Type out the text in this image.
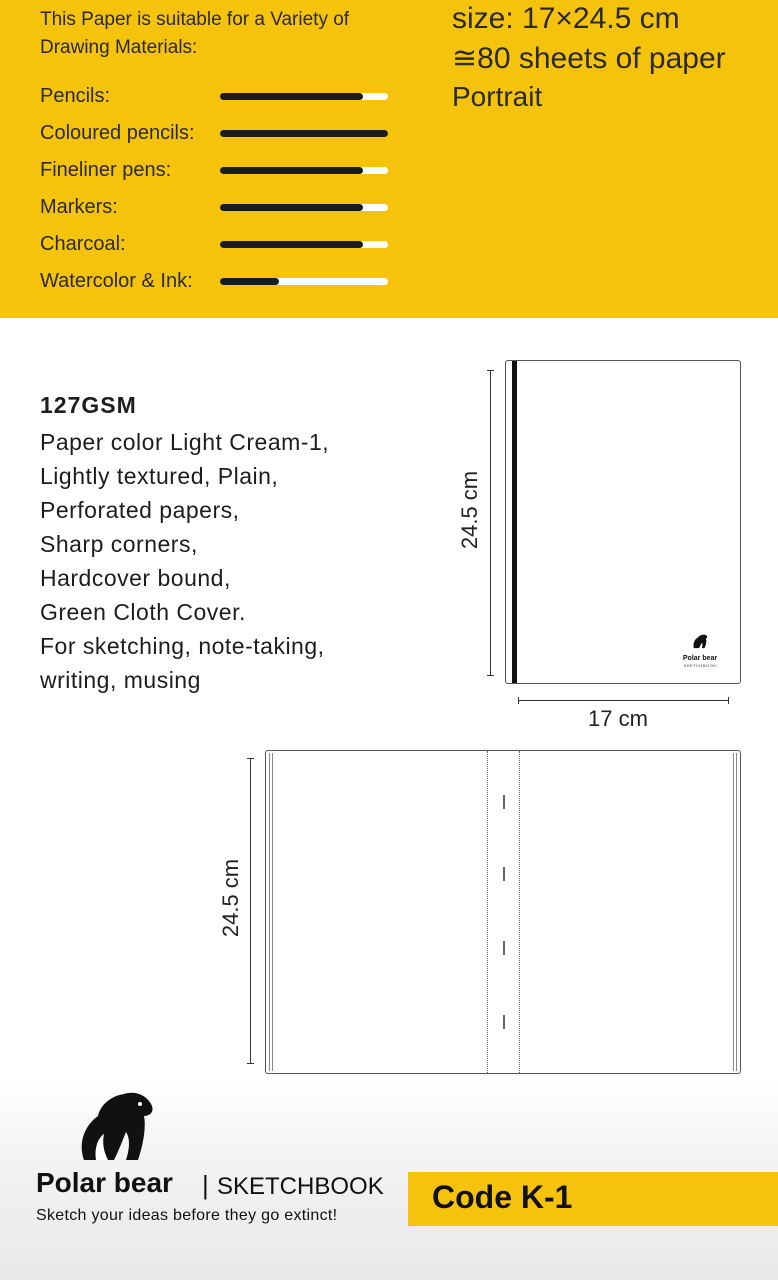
This Paper is suitable for a Variety of
Drawing Materials:
Pencils:
Coloured pencils:
Fineliner pens:
Markers:
Charcoal:
Watercolor & Ink:
size: 17×24.5 cm
≅80 sheets of paper
Portrait
127GSM
Paper color Light Cream-1,
Lightly textured, Plain,
Perforated papers,
Sharp corners,
Hardcover bound,
Green Cloth Cover.
For sketching, note-taking,
writing, musing
24.5 cm
Polar bear
SKETCHBOOK
17 cm
24.5 cm
Polar bear | SKETCHBOOK
Sketch your ideas before they go extinct!
Code K-1
